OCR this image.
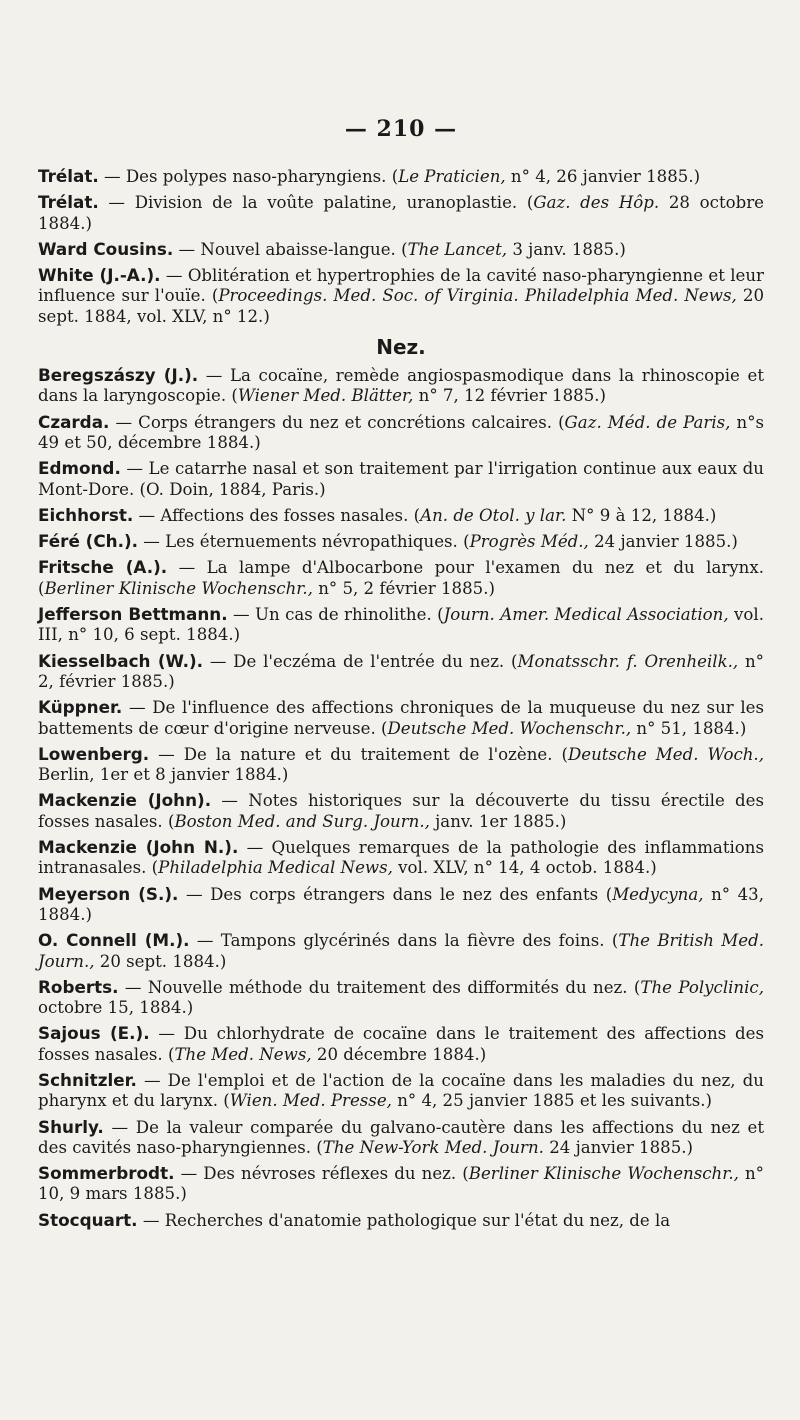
— 210 —

Trélat. — Des polypes naso-pharyngiens. (Le Praticien, n° 4, 26 janvier 1885.)

Trélat. — Division de la voûte palatine, uranoplastie. (Gaz. des Hôp. 28 octobre 1884.)

Ward Cousins. — Nouvel abaisse-langue. (The Lancet, 3 janv. 1885.)

White (J.-A.). — Oblitération et hypertrophies de la cavité naso-pharyngienne et leur influence sur l'ouïe. (Proceedings. Med. Soc. of Virginia. Philadelphia Med. News, 20 sept. 1884, vol. XLV, n° 12.)

Nez.

Beregszászy (J.). — La cocaïne, remède angiospasmodique dans la rhinoscopie et dans la laryngoscopie. (Wiener Med. Blätter, n° 7, 12 février 1885.)

Czarda. — Corps étrangers du nez et concrétions calcaires. (Gaz. Méd. de Paris, n°s 49 et 50, décembre 1884.)

Edmond. — Le catarrhe nasal et son traitement par l'irrigation continue aux eaux du Mont-Dore. (O. Doin, 1884, Paris.)

Eichhorst. — Affections des fosses nasales. (An. de Otol. y lar. N° 9 à 12, 1884.)

Féré (Ch.). — Les éternuements névropathiques. (Progrès Méd., 24 janvier 1885.)

Fritsche (A.). — La lampe d'Albocarbone pour l'examen du nez et du larynx. (Berliner Klinische Wochenschr., n° 5, 2 février 1885.)

Jefferson Bettmann. — Un cas de rhinolithe. (Journ. Amer. Medical Association, vol. III, n° 10, 6 sept. 1884.)

Kiesselbach (W.). — De l'eczéma de l'entrée du nez. (Monatsschr. f. Orenheilk., n° 2, février 1885.)

Küppner. — De l'influence des affections chroniques de la muqueuse du nez sur les battements de cœur d'origine nerveuse. (Deutsche Med. Wochenschr., n° 51, 1884.)

Lowenberg. — De la nature et du traitement de l'ozène. (Deutsche Med. Woch., Berlin, 1er et 8 janvier 1884.)

Mackenzie (John). — Notes historiques sur la découverte du tissu érectile des fosses nasales. (Boston Med. and Surg. Journ., janv. 1er 1885.)

Mackenzie (John N.). — Quelques remarques de la pathologie des inflammations intranasales. (Philadelphia Medical News, vol. XLV, n° 14, 4 octob. 1884.)

Meyerson (S.). — Des corps étrangers dans le nez des enfants (Medycyna, n° 43, 1884.)

O. Connell (M.). — Tampons glycérinés dans la fièvre des foins. (The British Med. Journ., 20 sept. 1884.)

Roberts. — Nouvelle méthode du traitement des difformités du nez. (The Polyclinic, octobre 15, 1884.)

Sajous (E.). — Du chlorhydrate de cocaïne dans le traitement des affections des fosses nasales. (The Med. News, 20 décembre 1884.)

Schnitzler. — De l'emploi et de l'action de la cocaïne dans les maladies du nez, du pharynx et du larynx. (Wien. Med. Presse, n° 4, 25 janvier 1885 et les suivants.)

Shurly. — De la valeur comparée du galvano-cautère dans les affections du nez et des cavités naso-pharyngiennes. (The New-York Med. Journ. 24 janvier 1885.)

Sommerbrodt. — Des névroses réflexes du nez. (Berliner Klinische Wochenschr., n° 10, 9 mars 1885.)

Stocquart. — Recherches d'anatomie pathologique sur l'état du nez, de la
